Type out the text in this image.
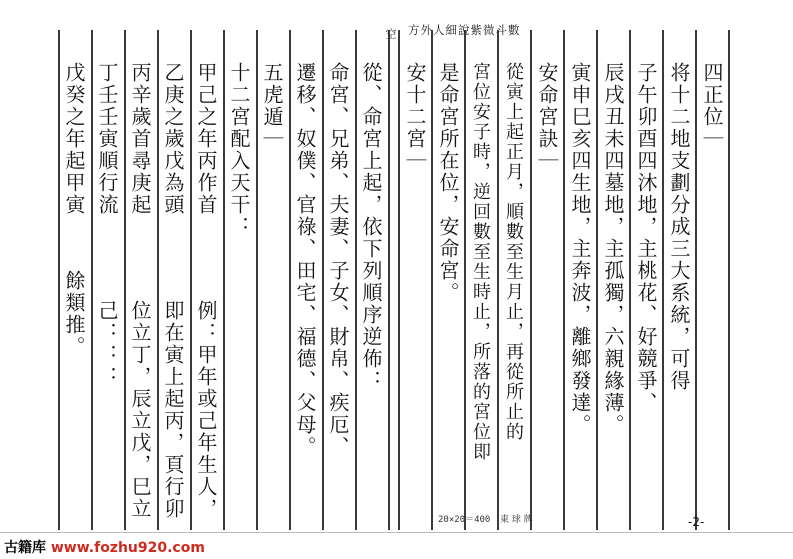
方外人細說紫微斗數
空
四正位｜
将十二地支劃分成三大系統，可得
子午卯酉四沐地，主桃花、好競爭、
辰戌丑未四墓地，主孤獨，六親緣薄。
寅申巳亥四生地，主奔波，離鄉發達。
安命宮訣｜
從寅上起正月，順數至生月止，再從所止的
宮位安子時，逆回數至生時止，所落的宮位即
是命宮所在位，安命宮。
安十二宮｜
從、命宮上起，依下列順序逆佈：
命宮、兄弟、夫妻、子女、財帛、疾厄、
遷移、奴僕、官祿、田宅、福德、父母。
五虎遁｜
十二宮配入天干：
甲己之年丙作首
乙庚之歲戊為頭
丙辛歲首尋庚起
丁壬壬寅順行流
戊癸之年起甲寅
例：甲年或己年生人，
即在寅上起丙，頁行卯
位立丁，辰立戊，巳立
己：：：
餘類推。
20×20＝400 東 球 牌	-2-
古籍库 www.fozhu920.com
